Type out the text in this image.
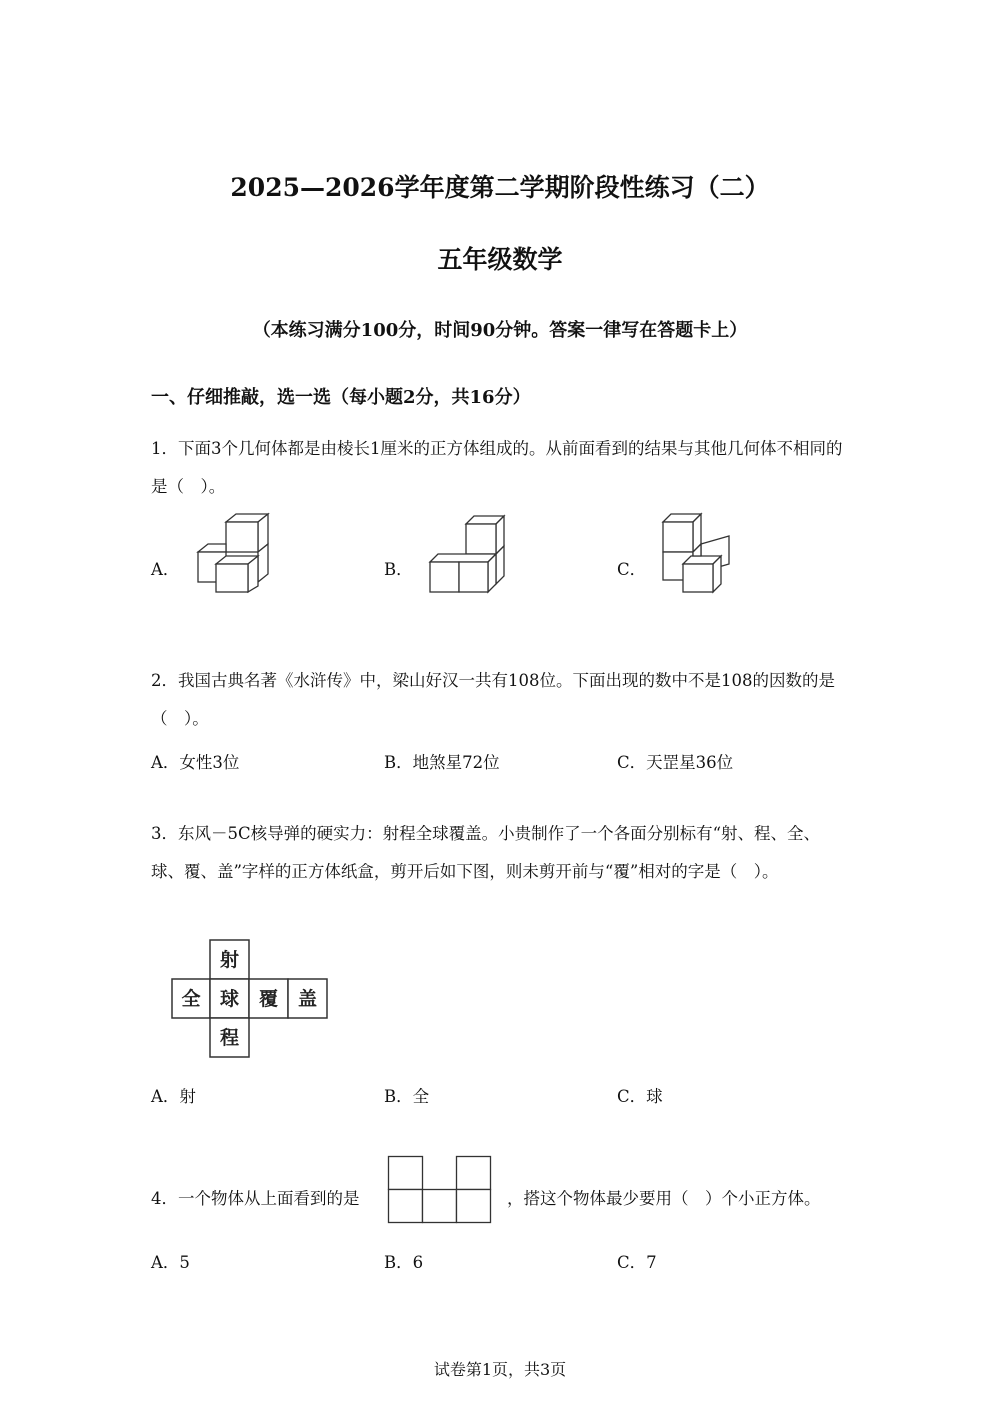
2025—2026学年度第二学期阶段性练习（二）
五年级数学
（本练习满分100分，时间90分钟。答案一律写在答题卡上）
一、仔细推敲，选一选（每小题2分，共16分）
1．下面3个几何体都是由棱长1厘米的正方体组成的。从前面看到的结果与其他几何体不相同的是（　）。
A．	B．	C．
2．我国古典名著《水浒传》中，梁山好汉一共有108位。下面出现的数中不是108的因数的是（　）。
A．女性3位	B．地煞星72位	C．天罡星36位
3．东风－5C核导弹的硬实力：射程全球覆盖。小贵制作了一个各面分别标有“射、程、全、球、覆、盖”字样的正方体纸盒，剪开后如下图，则未剪开前与“覆”相对的字是（　）。
射
全 球 覆 盖
程
A．射	B．全	C．球
4．一个物体从上面看到的是	，搭这个物体最少要用（　）个小正方体。
A．5	B．6	C．7
试卷第1页，共3页
